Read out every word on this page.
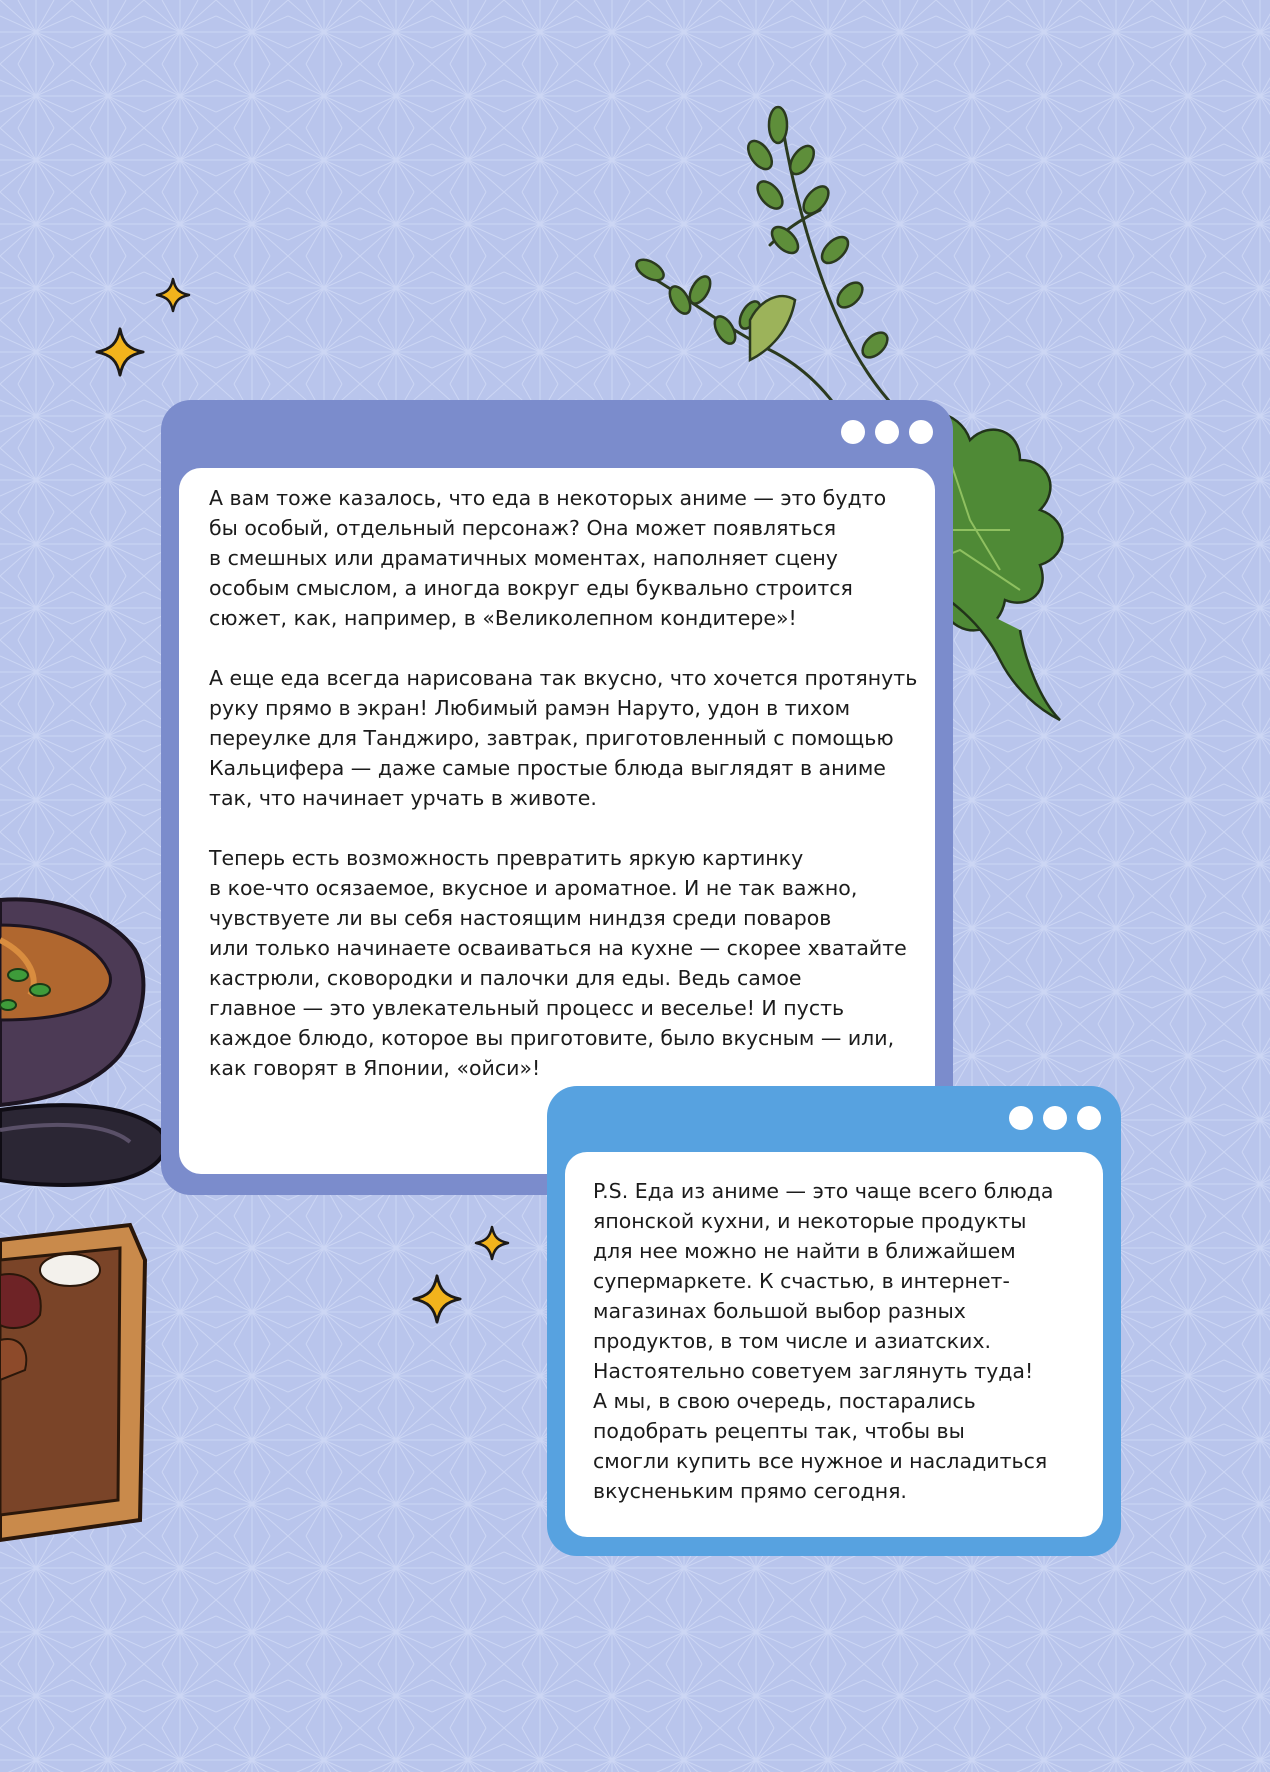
А вам тоже казалось, что еда в некоторых аниме — это будто
бы особый, отдельный персонаж? Она может появляться
в смешных или драматичных моментах, наполняет сцену
особым смыслом, а иногда вокруг еды буквально строится
сюжет, как, например, в «Великолепном кондитере»!

А еще еда всегда нарисована так вкусно, что хочется протянуть
руку прямо в экран! Любимый рамэн Наруто, удон в тихом
переулке для Танджиро, завтрак, приготовленный с помощью
Кальцифера — даже самые простые блюда выглядят в аниме
так, что начинает урчать в животе.

Теперь есть возможность превратить яркую картинку
в кое-что осязаемое, вкусное и ароматное. И не так важно,
чувствуете ли вы себя настоящим ниндзя среди поваров
или только начинаете осваиваться на кухне — скорее хватайте
кастрюли, сковородки и палочки для еды. Ведь самое
главное — это увлекательный процесс и веселье! И пусть
каждое блюдо, которое вы приготовите, было вкусным — или,
как говорят в Японии, «ойси»!

P.S. Еда из аниме — это чаще всего блюда
японской кухни, и некоторые продукты
для нее можно не найти в ближайшем
супермаркете. К счастью, в интернет-
магазинах большой выбор разных
продуктов, в том числе и азиатских.
Настоятельно советуем заглянуть туда!
А мы, в свою очередь, постарались
подобрать рецепты так, чтобы вы
смогли купить все нужное и насладиться
вкусненьким прямо сегодня.
